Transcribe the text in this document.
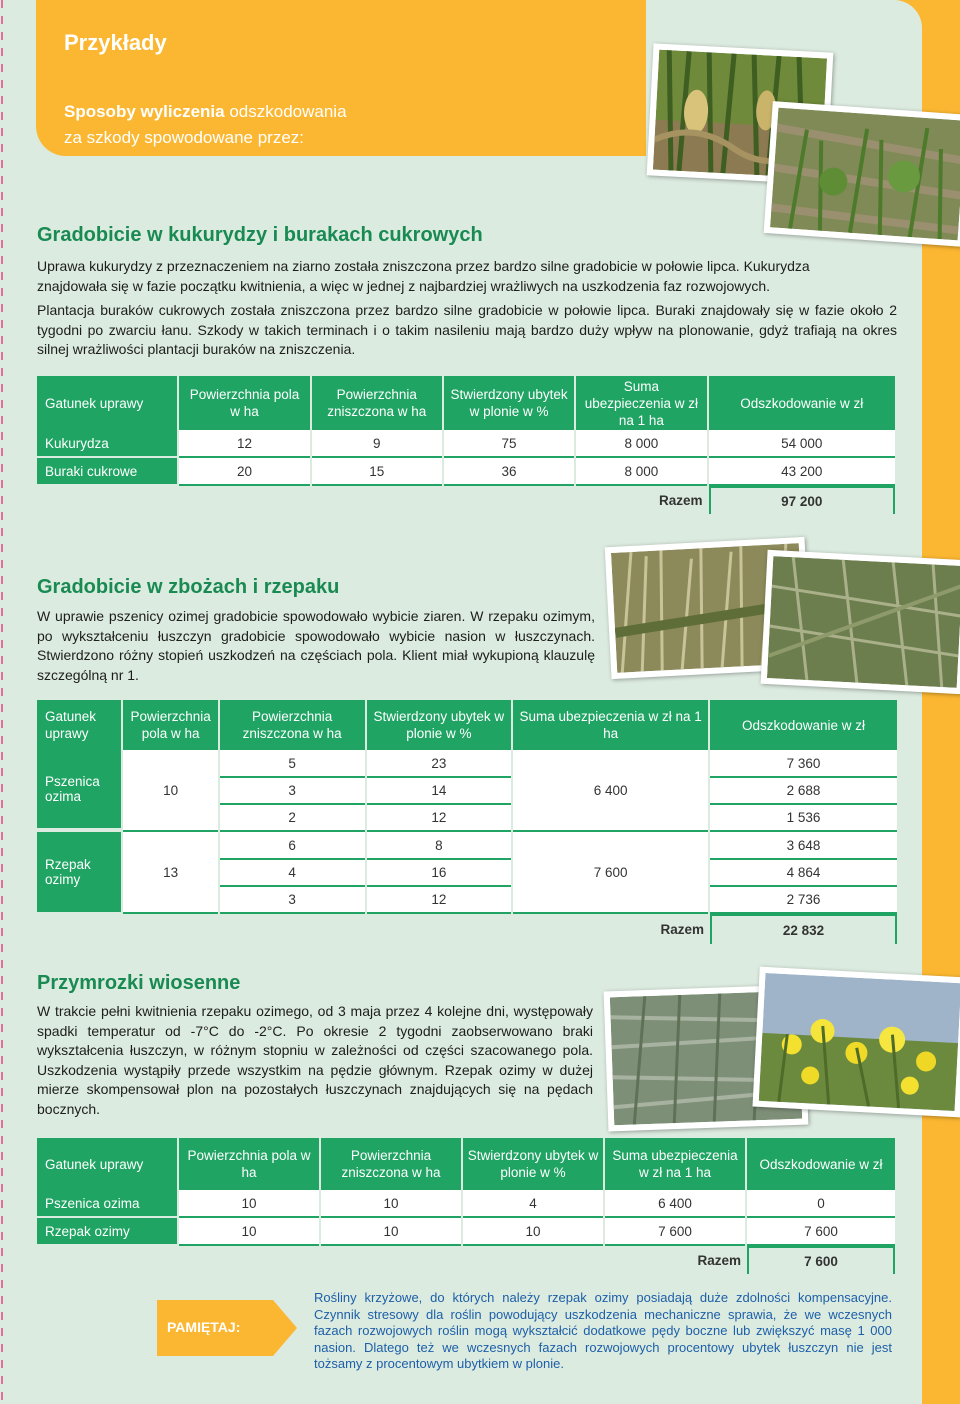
Przykłady
Sposoby wyliczenia odszkodowania
za szkody spowodowane przez:
Gradobicie w kukurydzy i burakach cukrowych

Uprawa kukurydzy z przeznaczeniem na ziarno została zniszczona przez bardzo silne gradobicie w połowie lipca. Kukurydza znajdowała się w fazie początku kwitnienia, a więc w jednej z najbardziej wrażliwych na uszkodzenia faz rozwojowych.

Plantacja buraków cukrowych została zniszczona przez bardzo silne gradobicie w połowie lipca. Buraki znajdowały się w fazie około 2 tygodni po zwarciu łanu. Szkody w takich terminach i o takim nasileniu mają bardzo duży wpływ na plonowanie, gdyż trafiają na okres silnej wrażliwości plantacji buraków na zniszczenia.

Gatunek uprawy	Powierzchnia pola w ha	Powierzchnia zniszczona w ha	Stwierdzony ubytek w plonie w %	Suma ubezpieczenia w zł na 1 ha	Odszkodowanie w zł
Kukurydza	12	9	75	8 000	54 000
Buraki cukrowe	20	15	36	8 000	43 200
Razem					97 200
Gradobicie w zbożach i rzepaku
W uprawie pszenicy ozimej gradobicie spowodowało wybicie ziaren. W rzepaku ozimym, po wykształceniu łuszczyn gradobicie spowodowało wybicie nasion w łuszczynach. Stwierdzono różny stopień uszkodzeń na częściach pola. Klient miał wykupioną klauzulę szczególną nr 1.
Gatunek uprawy	Powierzchnia pola w ha	Powierzchnia zniszczona w ha	Stwierdzony ubytek w plonie w %	Suma ubezpieczenia w zł na 1 ha	Odszkodowanie w zł
Pszenica ozima	10	5	23	6 400	7 360
		3	14		2 688
		2	12		1 536
Rzepak ozimy	13	6	8	7 600	3 648
		4	16		4 864
		3	12		2 736
Razem					22 832
Przymrozki wiosenne
W trakcie pełni kwitnienia rzepaku ozimego, od 3 maja przez 4 kolejne dni, występowały spadki temperatur od -7°C do -2°C. Po okresie 2 tygodni zaobserwowano braki wykształcenia łuszczyn, w różnym stopniu w zależności od części szacowanego pola. Uszkodzenia wystąpiły przede wszystkim na pędzie głównym. Rzepak ozimy w dużej mierze skompensował plon na pozostałych łuszczynach znajdujących się na pędach bocznych.
Gatunek uprawy	Powierzchnia pola w ha	Powierzchnia zniszczona w ha	Stwierdzony ubytek w plonie w %	Suma ubezpieczenia w zł na 1 ha	Odszkodowanie w zł
Pszenica ozima	10	10	4	6 400	0
Rzepak ozimy	10	10	10	7 600	7 600
Razem					7 600
PAMIĘTAJ:
Rośliny krzyżowe, do których należy rzepak ozimy posiadają duże zdolności kompensacyjne. Czynnik stresowy dla roślin powodujący uszkodzenia mechaniczne sprawia, że we wczesnych fazach rozwojowych roślin mogą wykształcić dodatkowe pędy boczne lub zwiększyć masę 1 000 nasion. Dlatego też we wczesnych fazach rozwojowych procentowy ubytek łuszczyn nie jest tożsamy z procentowym ubytkiem w plonie.
